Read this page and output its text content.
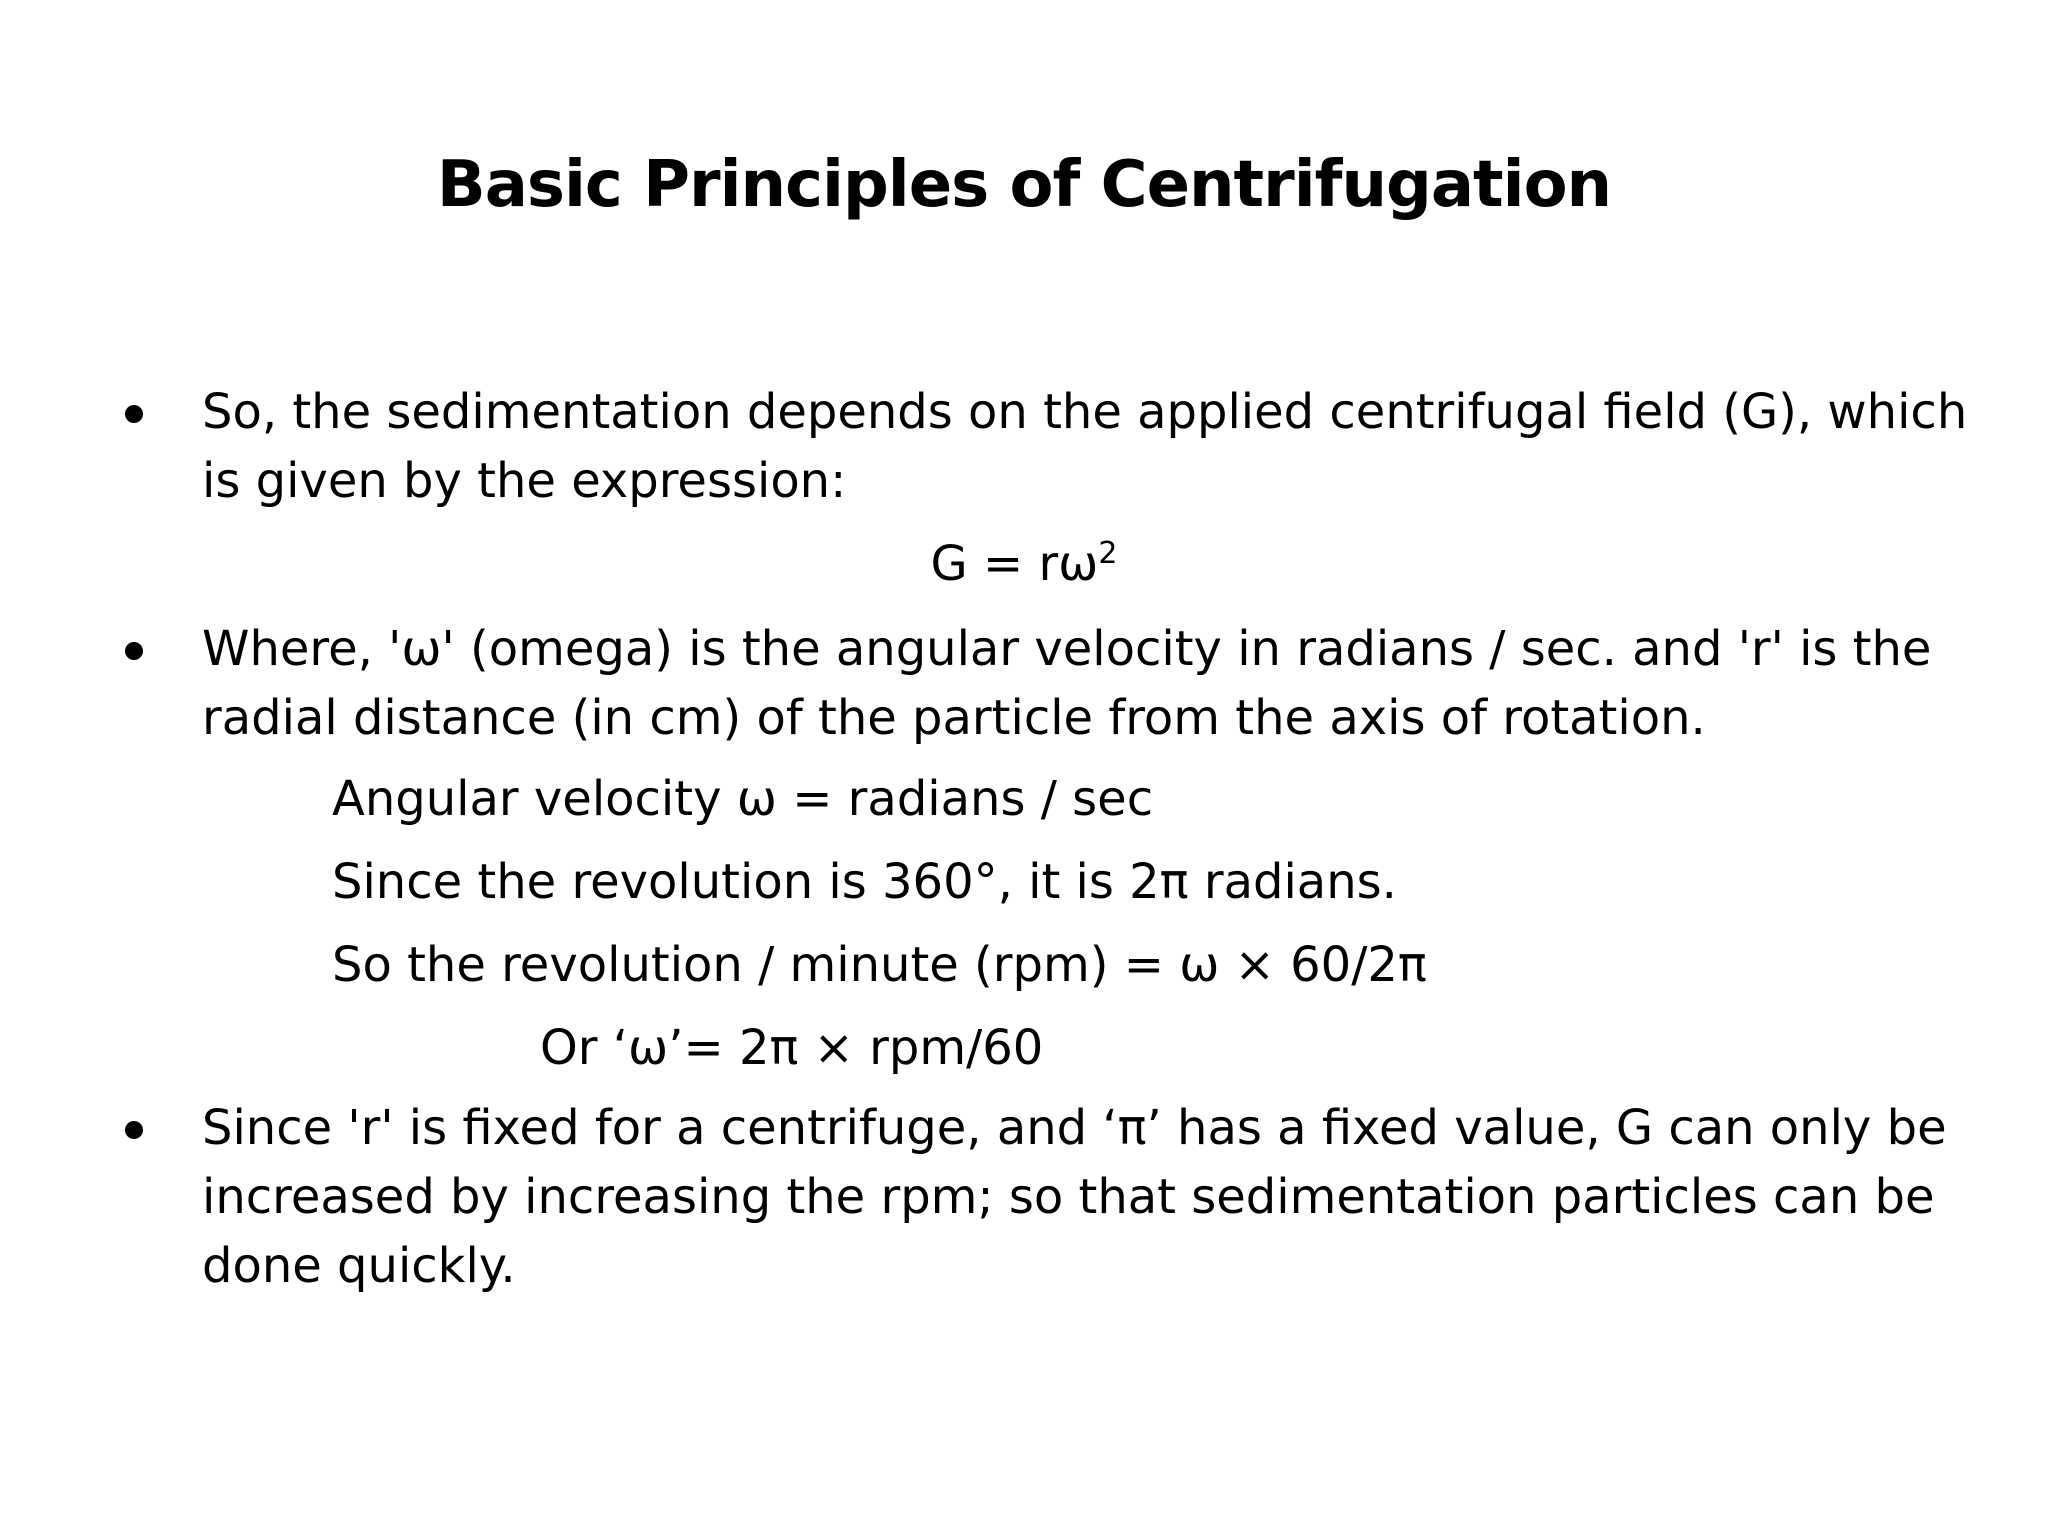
Basic Principles of Centrifugation

So, the sedimentation depends on the applied centrifugal field (G), which

is given by the expression:

$G = r\omega^2$

Where, 'ω' (omega) is the angular velocity in radians / sec. and 'r' is the

radial distance (in cm) of the particle from the axis of rotation.

Angular velocity ω = radians / sec

Since the revolution is 360°, it is 2π radians.

So the revolution / minute (rpm) = ω × 60/2π

Or ‘ω’= 2π × rpm/60

Since 'r' is fixed for a centrifuge, and ‘π’ has a fixed value, G can only be

increased by increasing the rpm; so that sedimentation particles can be

done quickly.
